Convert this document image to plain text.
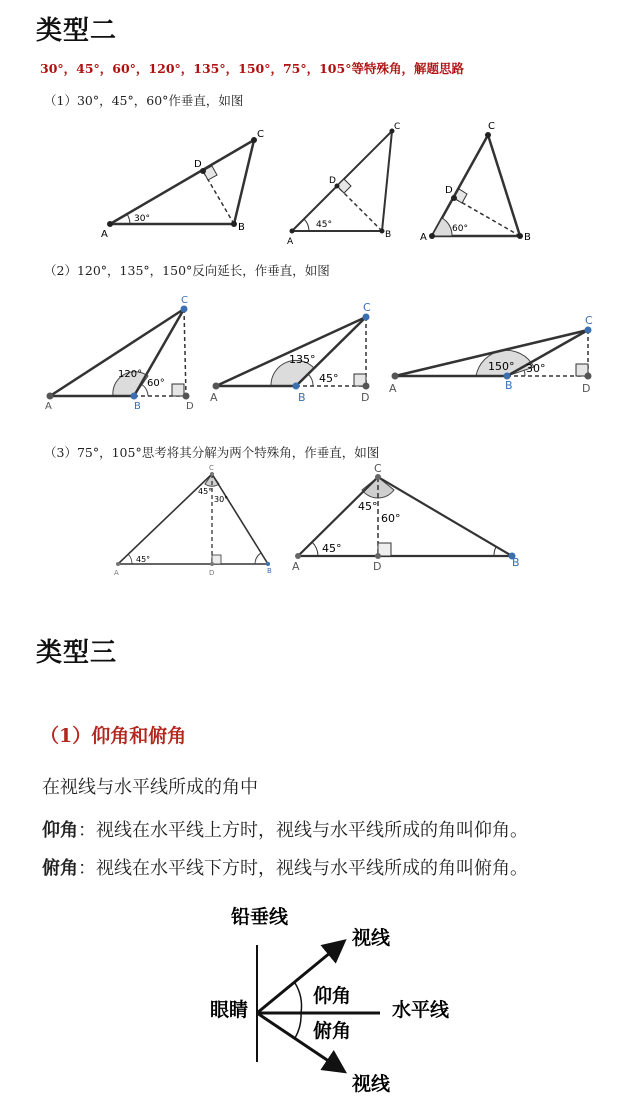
类型二
30°，45°，60°，120°，135°，150°，75°，105°等特殊角，解题思路
（1）30°，45°，60°作垂直，如图
A
B
C
D
30°
A
B
C
D
45°
A	B
C
D
60°
（2）120°，135°，150°反向延长，作垂直，如图
A	B
C
D
120°
60°
A	B
C
D
135°
45°
A	B
C
D
150° 30°
（3）75°，105°思考将其分解为两个特殊角，作垂直，如图
A	D	B
C
45°
45°
30°
A	D	B
C
45°
45°
60°
类型三
（1）仰角和俯角
在视线与水平线所成的角中
仰角：视线在水平线上方时，视线与水平线所成的角叫仰角。
俯角：视线在水平线下方时，视线与水平线所成的角叫俯角。
铅垂线
眼睛
视线
视线
水平线
仰角
俯角
